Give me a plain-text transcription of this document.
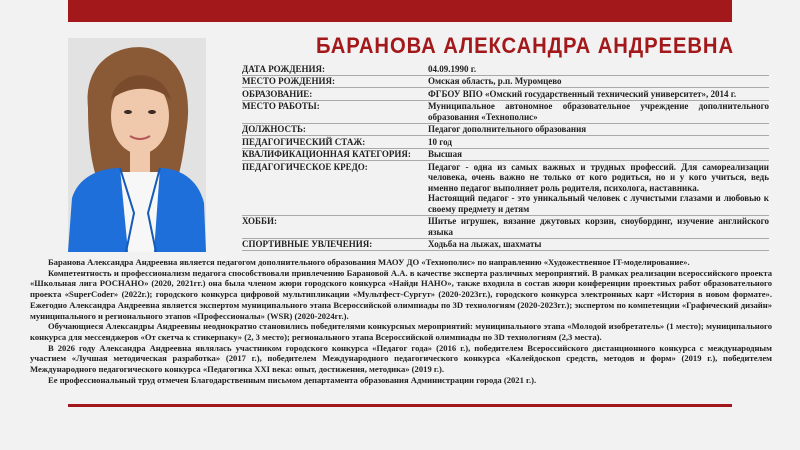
БАРАНОВА АЛЕКСАНДРА АНДРЕЕВНА
ДАТА РОЖДЕНИЯ:	04.09.1990 г.
МЕСТО РОЖДЕНИЯ:	Омская область, р.п. Муромцево
ОБРАЗОВАНИЕ:	ФГБОУ ВПО «Омский государственный технический университет», 2014 г.
МЕСТО РАБОТЫ:	Муниципальное автономное образовательное учреждение дополнительного образования «Технополис»
ДОЛЖНОСТЬ:	Педагог дополнительного образования
ПЕДАГОГИЧЕСКИЙ СТАЖ:	10 год
КВАЛИФИКАЦИОННАЯ КАТЕГОРИЯ:	Высшая
ПЕДАГОГИЧЕСКОЕ КРЕДО:	Педагог - одна из самых важных и трудных профессий. Для самореализации человека, очень важно не только от кого родиться, но и у кого учиться, ведь именно педагог выполняет роль родителя, психолога, наставника.
Настоящий педагог - это уникальный человек с лучистыми глазами и любовью к своему предмету и детям
ХОББИ:	Шитье игрушек, вязание джутовых корзин, сноубординг, изучение английского языка
СПОРТИВНЫЕ УВЛЕЧЕНИЯ:	Ходьба на лыжах, шахматы

Баранова Александра Андреевна является педагогом дополнительного образования МАОУ ДО «Технополис» по направлению «Художественное IT-моделирование».

Компетентность и профессионализм педагога способствовали привлечению Барановой А.А. в качестве эксперта различных мероприятий. В рамках реализации всероссийского проекта «Школьная лига РОСНАНО» (2020, 2021гг.) она была членом жюри городского конкурса «Найди НАНО», также входила в состав жюри конференции проектных работ образовательного проекта «SuperCoder» (2022г.); городского конкурса цифровой мультипликации «Мультфест-Сургут» (2020-2023гг.), городского конкурса электронных карт «История в новом формате». Ежегодно Александра Андреевна является экспертом муниципального этапа Всероссийской олимпиады по 3D технологиям (2020-2023гг.); экспертом по компетенции «Графический дизайн» муниципального и регионального этапов «Профессионалы» (WSR) (2020-2024гг.).

Обучающиеся Александры Андреевны неоднократно становились победителями конкурсных мероприятий: муниципального этапа «Молодой изобретатель» (1 место); муниципального конкурса для мессенджеров «От скетча к стикерпаку» (2, 3 место); регионального этапа Всероссийской олимпиады по 3D технологиям (2,3 места).

В 2026 году Александра Андреевна являлась участником городского конкурса «Педагог года» (2016 г.), победителем Всероссийского дистанционного конкурса с международным участием «Лучшая методическая разработка» (2017 г.), победителем Международного педагогического конкурса «Калейдоскоп средств, методов и форм» (2019 г.), победителем Международного педагогического конкурса «Педагогика XXI века: опыт, достижения, методика» (2019 г.).

Ее профессиональный труд отмечен Благодарственным письмом департамента образования Администрации города (2021 г.).
